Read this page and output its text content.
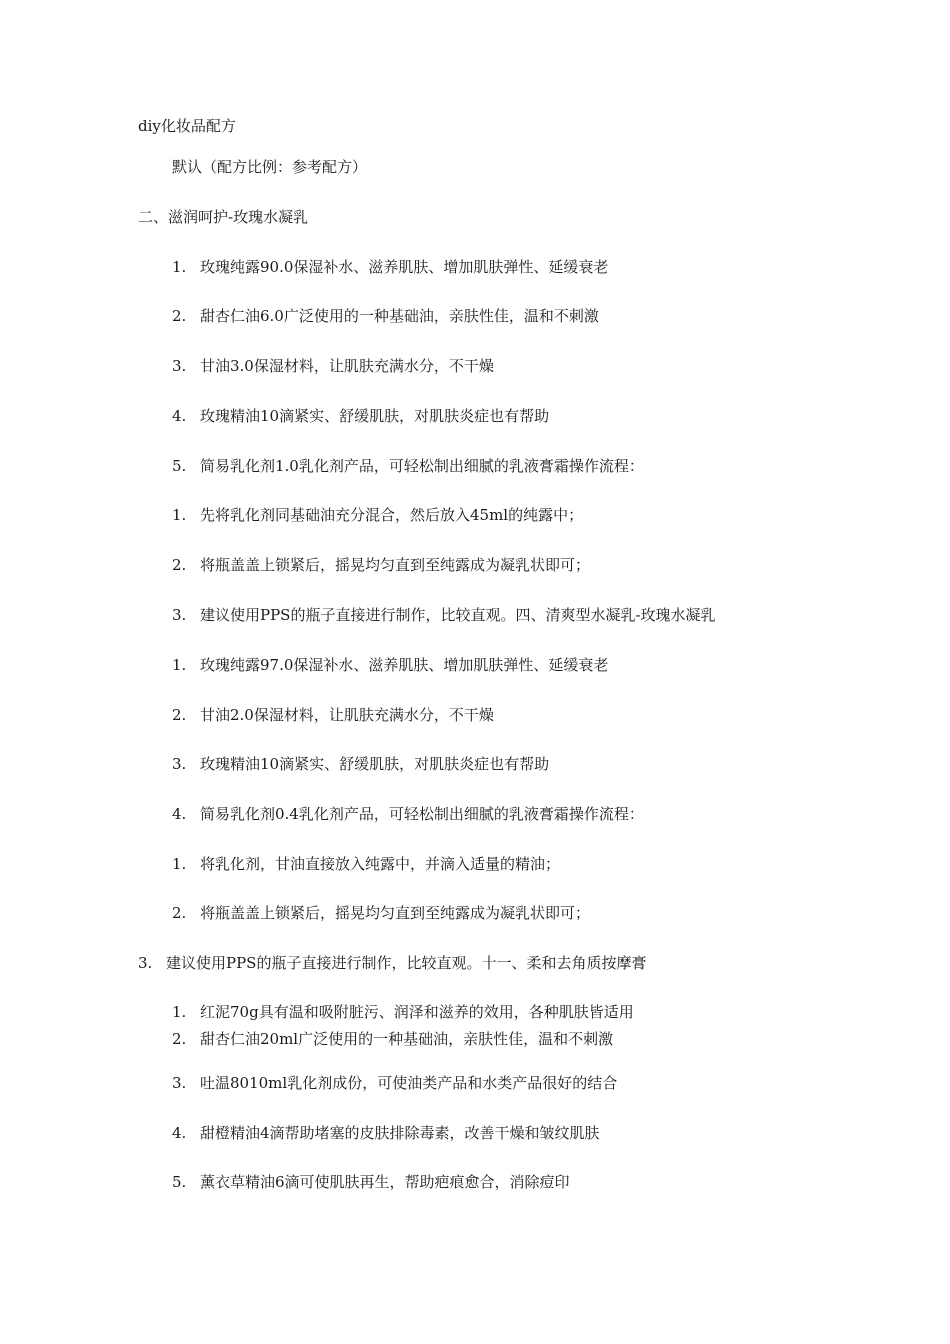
diy化妆品配方
默认（配方比例：参考配方）
二、滋润呵护-玫瑰水凝乳
1. 玫瑰纯露90.0保湿补水、滋养肌肤、增加肌肤弹性、延缓衰老
2. 甜杏仁油6.0广泛使用的一种基础油，亲肤性佳，温和不刺激
3. 甘油3.0保湿材料，让肌肤充满水分，不干燥
4. 玫瑰精油10滴紧实、舒缓肌肤，对肌肤炎症也有帮助
5. 简易乳化剂1.0乳化剂产品，可轻松制出细腻的乳液膏霜操作流程：
1. 先将乳化剂同基础油充分混合，然后放入45ml的纯露中；
2. 将瓶盖盖上锁紧后，摇晃均匀直到至纯露成为凝乳状即可；
3. 建议使用PPS的瓶子直接进行制作，比较直观。四、清爽型水凝乳-玫瑰水凝乳
1. 玫瑰纯露97.0保湿补水、滋养肌肤、增加肌肤弹性、延缓衰老
2. 甘油2.0保湿材料，让肌肤充满水分，不干燥
3. 玫瑰精油10滴紧实、舒缓肌肤，对肌肤炎症也有帮助
4. 简易乳化剂0.4乳化剂产品，可轻松制出细腻的乳液膏霜操作流程：
1. 将乳化剂，甘油直接放入纯露中，并滴入适量的精油；
2. 将瓶盖盖上锁紧后，摇晃均匀直到至纯露成为凝乳状即可；
3. 建议使用PPS的瓶子直接进行制作，比较直观。十一、柔和去角质按摩膏
1. 红泥70g具有温和吸附脏污、润泽和滋养的效用，各种肌肤皆适用
2. 甜杏仁油20ml广泛使用的一种基础油，亲肤性佳，温和不刺激
3. 吐温8010ml乳化剂成份，可使油类产品和水类产品很好的结合
4. 甜橙精油4滴帮助堵塞的皮肤排除毒素，改善干燥和皱纹肌肤
5. 薰衣草精油6滴可使肌肤再生，帮助疤痕愈合，消除痘印
